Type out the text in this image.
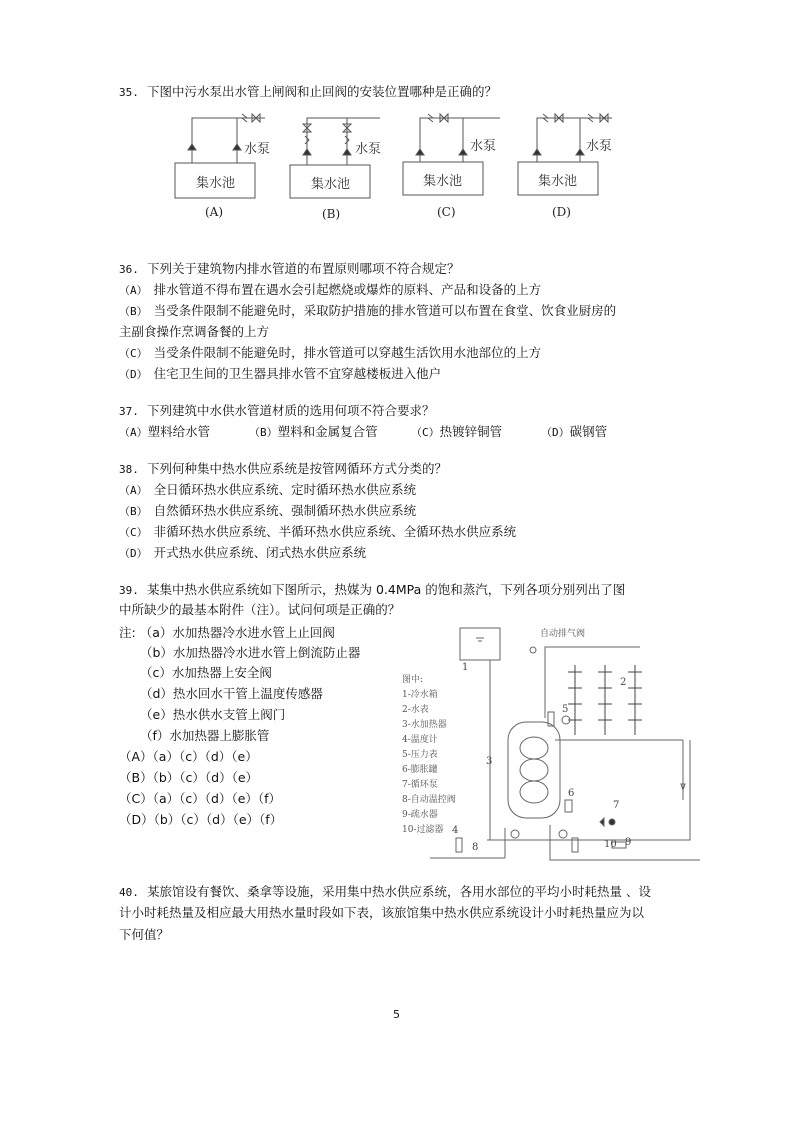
35. 下图中污水泵出水管上闸阀和止回阀的安装位置哪种是正确的？
水泵
集水池
(A)
水泵
集水池
(B)
水泵
集水池
(C)
水泵
集水池
(D)
36. 下列关于建筑物内排水管道的布置原则哪项不符合规定？
（A） 排水管道不得布置在遇水会引起燃烧或爆炸的原料、产品和设备的上方
（B） 当受条件限制不能避免时，采取防护措施的排水管道可以布置在食堂、饮食业厨房的
主副食操作烹调备餐的上方
（C） 当受条件限制不能避免时，排水管道可以穿越生活饮用水池部位的上方
（D） 住宅卫生间的卫生器具排水管不宜穿越楼板进入他户
37. 下列建筑中水供水管道材质的选用何项不符合要求？
（A）塑料给水管	（B）塑料和金属复合管	（C）热镀锌铜管	（D）碳钢管
38. 下列何种集中热水供应系统是按管网循环方式分类的？
（A） 全日循环热水供应系统、定时循环热水供应系统
（B） 自然循环热水供应系统、强制循环热水供应系统
（C） 非循环热水供应系统、半循环热水供应系统、全循环热水供应系统
（D） 开式热水供应系统、闭式热水供应系统
39. 某集中热水供应系统如下图所示，热媒为 0.4MPa 的饱和蒸汽，下列各项分别列出了图
中所缺少的最基本附件（注）。试问何项是正确的？
注: （a）水加热器冷水进水管上止回阀
（b）水加热器冷水进水管上倒流防止器
（c）水加热器上安全阀
（d）热水回水干管上温度传感器
（e）热水供水支管上阀门
（f）水加热器上膨胀管
（A）（a）（c）（d）（e）
（B）（b）（c）（d）（e）
（C）（a）（c）（d）（e）（f）
（D）（b）（c）（d）（e）（f）
自动排气阀
图中:
1-冷水箱
2-水表
3-水加热器
4-温度计
5-压力表
6-膨胀罐
7-循环泵
8-自动温控阀
9-疏水器
10-过滤器
1
2
3
4
5
6
7
8	9
10
40. 某旅馆设有餐饮、桑拿等设施，采用集中热水供应系统，各用水部位的平均小时耗热量 、设
计小时耗热量及相应最大用热水量时段如下表，该旅馆集中热水供应系统设计小时耗热量应为以
下何值？
5
